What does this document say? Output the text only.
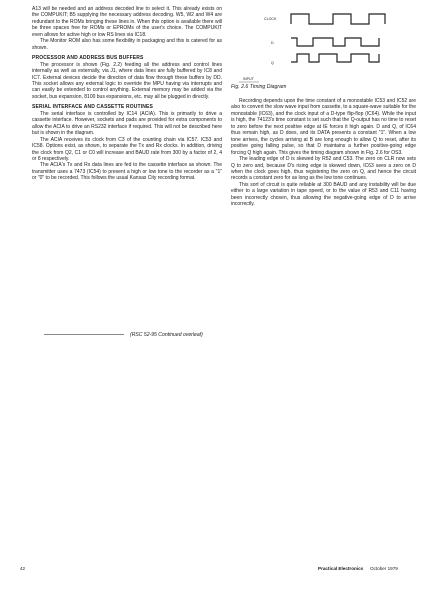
A13 will be needed and an address decoded line to select it. This already exists on the COMPUKIT; B5 supplying the necessary address decoding. W5, W2 and W4 are redundant to the ROMs bringing these lines in. When this option is available there will be three spaces free for ROMs or EPROMs of the user's choice. The COMPUKIT even allows for active high or low RS lines via IC18.

The Monitor ROM also has some flexibility in packaging and this is catered for as shown.

PROCESSOR AND ADDRESS BUS BUFFERS

The processor is shown (Fig. 2.2) feeding all the address and control lines internally as well as externally, via J1, where data lines are fully buffered by IC8 and IC7. External devices decide the direction of data flow through these buffers by DD. This socket allows any external logic to override the MPU having via interrupts and can easily be extended to control anything. External memory may be added via the socket, bus expansion, 8100 bus expansions, etc. may all be plugged in directly.

SERIAL INTERFACE AND CASSETTE ROUTINES

The serial interface is controlled by IC14 (ACIA). This is primarily to drive a cassette interface. However, sockets and pads are provided for extra components to allow the ACIA to drive an RS232 interface if required. This will not be described here but is shown in the diagram.

The ACIA receives its clock from C3 of the counting chain via IC57. IC53 and IC58. Options exist, as shown, to separate the Tx and Rx clocks. In addition, driving the clock from Q2, C1 or C0 will increase and BAUD rate from 300 by a factor of 2, 4 or 8 respectively.

The ACIA's Tx and Rx data lines are fed to the cassette interface as shown. The transmitter uses a 7473 (IC54) to present a high or low tone to the recorder as a "1" or "0" to be recorded. This follows the usual Kansas City recording format.

CLOCK
D
Q
INPUT
Fig. 2.6 Timing Diagram

Recording depends upon the time constant of a monostable IC53 and IC52 are also to convert the slow wave input from cassette, to a square-wave suitable for the monostable (IC63), and the clock input of a D-type flip-flop (IC64). While the input is high, the 74123's time constant is set such that the Q-output has no time to reset to zero before the next positive edge at IE forces it high again. D and Q, of IC64 thus remain high, as D does, and its DATA presents a constant "1". When a low tone arrives, the cycles arriving at B are long enough to allow Q to reset, after its positive going falling pulse, so that D maintains a further positive-going edge forcing Q high again. This gives the timing diagram shown in Fig. 2.6 for OS3.

The leading edge of D is skewed by R52 and C53. The zero on CLR now sets Q to zero and, because D's rising edge is skewed down, IC63 sees a zero on D when the clock goes high, thus registering the zero on Q, and hence the circuit records a constant zero for as long as the low tone continues.

This sort of circuit is quite reliable at 300 BAUD and any instability will be due either to a large variation in tape speed, or to the value of R53 and C11 having been incorrectly chosen, thus allowing the negative-going edge of D to arrive incorrectly.

(RSC 52-95 Continued overleaf)
42	Practical Electronics October 1979
